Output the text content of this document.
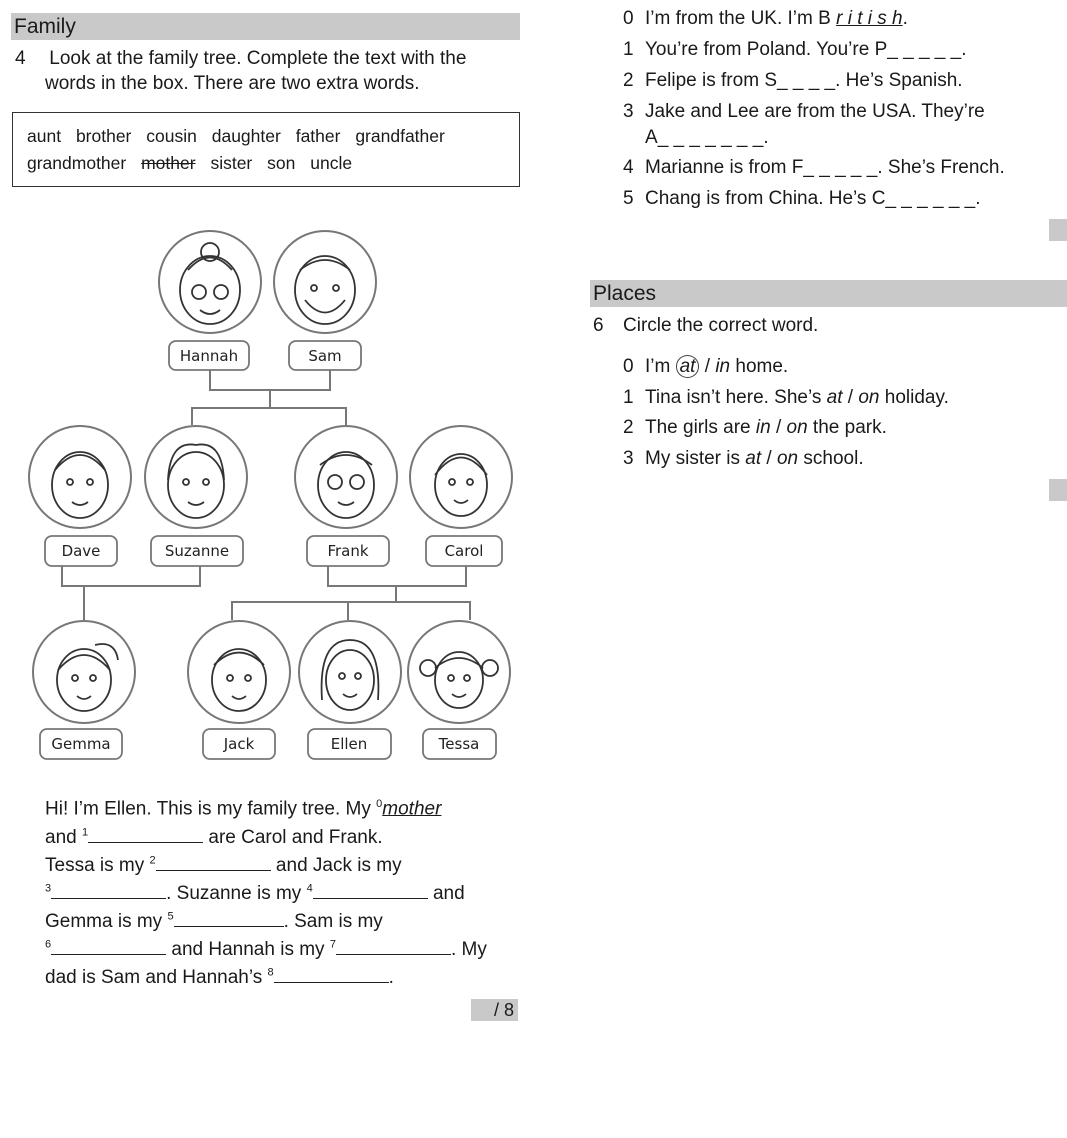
Family
4 Look at the family tree. Complete the text with the
words in the box. There are two extra words.
aunt brother cousin daughter father grandfather
grandmother mother sister son uncle
Hannah	Sam
Dave	Suzanne	Frank	Carol
Gemma	Jack	Ellen	Tessa
Hi! I’m Ellen. This is my family tree. My $^0$mother
and $^1$	are Carol and Frank.
Tessa is my $^2$	and Jack is my
$^3$	. Suzanne is my $^4$	and
Gemma is my $^5$	. Sam is my
$^6$	and Hannah is my $^7$	. My
dad is Sam and Hannah’s $^8$	.
/ 8
0 I’m from the UK. I’m B r i t i s h.
1 You’re from Poland. You’re P_ _ _ _ _.
2 Felipe is from S_ _ _ _. He’s Spanish.
3 Jake and Lee are from the USA. They’re
A_ _ _ _ _ _ _.
4 Marianne is from F_ _ _ _ _. She’s French.
5 Chang is from China. He’s C_ _ _ _ _ _.
Places
6 Circle the correct word.
0 I’m at / in home.
1 Tina isn’t here. She’s at / on holiday.
2 The girls are in / on the park.
3 My sister is at / on school.
